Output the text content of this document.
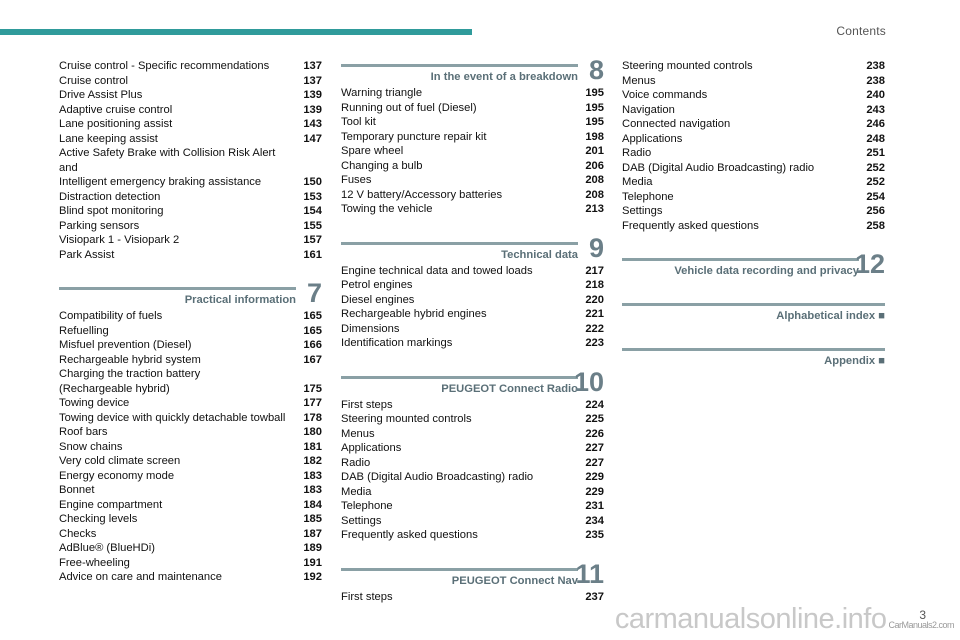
Contents
Cruise control - Specific recommendations	137
Cruise control	137
Drive Assist Plus	139
Adaptive cruise control	139
Lane positioning assist	143
Lane keeping assist	147
Active Safety Brake with Collision Risk Alert and
Intelligent emergency braking assistance	150
Distraction detection	153
Blind spot monitoring	154
Parking sensors	155
Visiopark 1 - Visiopark 2	157
Park Assist	161
Practical information 7
Compatibility of fuels	165
Refuelling	165
Misfuel prevention (Diesel)	166
Rechargeable hybrid system	167
Charging the traction battery
(Rechargeable hybrid)	175
Towing device	177
Towing device with quickly detachable towball	178
Roof bars	180
Snow chains	181
Very cold climate screen	182
Energy economy mode	183
Bonnet	183
Engine compartment	184
Checking levels	185
Checks	187
AdBlue® (BlueHDi)	189
Free-wheeling	191
Advice on care and maintenance	192
In the event of a breakdown 8
Warning triangle	195
Running out of fuel (Diesel)	195
Tool kit	195
Temporary puncture repair kit	198
Spare wheel	201
Changing a bulb	206
Fuses	208
12 V battery/Accessory batteries	208
Towing the vehicle	213
Technical data 9
Engine technical data and towed loads	217
Petrol engines	218
Diesel engines	220
Rechargeable hybrid engines	221
Dimensions	222
Identification markings	223
PEUGEOT Connect Radio
10
First steps	224
Steering mounted controls	225
Menus	226
Applications	227
Radio	227
DAB (Digital Audio Broadcasting) radio	229
Media	229
Telephone	231
Settings	234
Frequently asked questions	235
PEUGEOT Connect Nav
11
First steps	237
Steering mounted controls	238
Menus	238
Voice commands	240
Navigation	243
Connected navigation	246
Applications	248
Radio	251
DAB (Digital Audio Broadcasting) radio	252
Media	252
Telephone	254
Settings	256
Frequently asked questions	258
Vehicle data recording and privacy
12
Alphabetical index ■
Appendix ■
3
carmanualsonline.info CarManuals2.com
